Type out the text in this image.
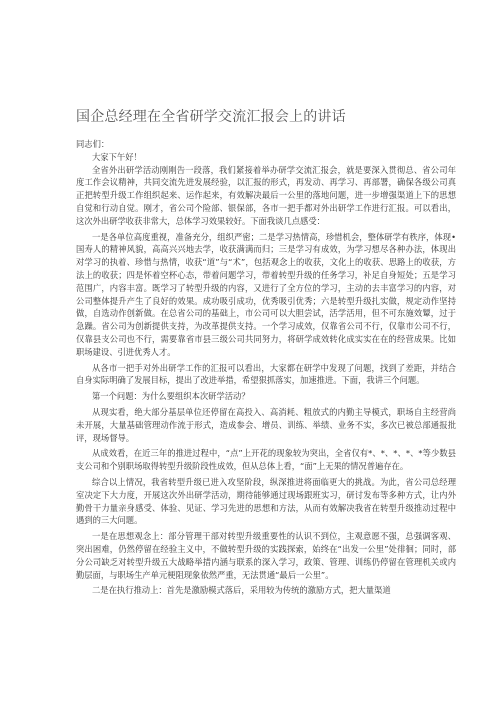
国企总经理在全省研学交流汇报会上的讲话

同志们：

大家下午好！

全省外出研学活动刚刚告一段落，我们紧接着举办研学交流汇报会，就是要深入贯彻总、省公司年度工作会议精神，共同交流先进发展经验，以汇报的形式，再发动、再学习、再部署，确保各级公司真正把转型升级工作组织起来、运作起来，有效解决最后一公里的落地问题，进一步增强渠道上下的思想自觉和行动自觉。刚才，省公司个险部、银保部，各市一把手都对外出研学工作进行汇报。可以看出，这次外出研学收获非常大，总体学习效果较好。下面我谈几点感受：

一是各单位高度重视，准备充分，组织严密；二是学习热情高，珍惜机会，整体研学有秩序，体现•国寿人的精神风貌，高高兴兴地去学，收获满满而归；三是学习有成效，为学习想尽各种办法，体现出对学习的执着、珍惜与热情，收获“道”与“术”，包括观念上的收获，文化上的收获、思路上的收获，方法上的收获；四是怀着空杯心态，带着问题学习，带着转型升级的任务学习，补足自身短处；五是学习范围广，内容丰富。既学习了转型升级的内容，又进行了全方位的学习，主动的去丰富学习的内容，对公司整体提升产生了良好的效果。成功吸引成功，优秀吸引优秀；六是转型升级扎实做，规定动作坚持做，自选动作创新做。在总省公司的基础上，市公司可以大胆尝试，活学活用，但不可东施效颦，过于急躁。省公司为创新提供支持，为改革提供支持。一个学习成效，仅靠省公司不行，仅靠市公司不行，仅靠县支公司也不行，需要靠省市县三级公司共同努力，将研学成效转化成实实在在的经营成果。比如职场建设、引进优秀人才。

从各市一把手对外出研学工作的汇报可以看出，大家都在研学中发现了问题，找到了差距，并结合自身实际明确了发展目标，提出了改进举措，希望狠抓落实，加速推进。下面，我讲三个问题。

第一个问题：为什么要组织本次研学活动？

从现实看，绝大部分基层单位还停留在高投入、高消耗、粗放式的内勤主导模式，职场自主经营尚未开展，大量基础管理动作流于形式，造成参会、增员、训练、举绩、业务不实，多次已被总部通报批评，现场督导。

从成效看，在近三年的推进过程中，“点”上开花的现象较为突出，全省仅有*、*、*、*、*等少数县支公司和个别职场取得转型升级阶段性成效，但从总体上看，“面”上无果的情况普遍存在。

综合以上情况，我省转型升级已进入攻坚阶段，纵深推进将面临更大的挑战。为此，省公司总经理室决定下大力度，开展这次外出研学活动，期待能够通过现场跟班实习，研讨发布等多种方式，让内外勤骨干力量亲身感受、体验、见证、学习先进的思想和方法，从而有效解决我省在转型升级推动过程中遇到的三大问题。

一是在思想观念上：部分管理干部对转型升级重要性的认识不到位，主观意愿不强，总强调客观、突出困难，仍然停留在经验主义中，不做转型升级的实践探索，始终在“出发一公里”处徘徊；同时，部分公司缺乏对转型升级五大战略举措内涵与联系的深入学习，政策、管理、训练仍停留在管理机关或内勤层面，与职场生产单元梗阻现象依然严重，无法贯通“最后一公里”。

二是在执行推动上：首先是激励模式落后，采用较为传统的激励方式，把大量渠道
